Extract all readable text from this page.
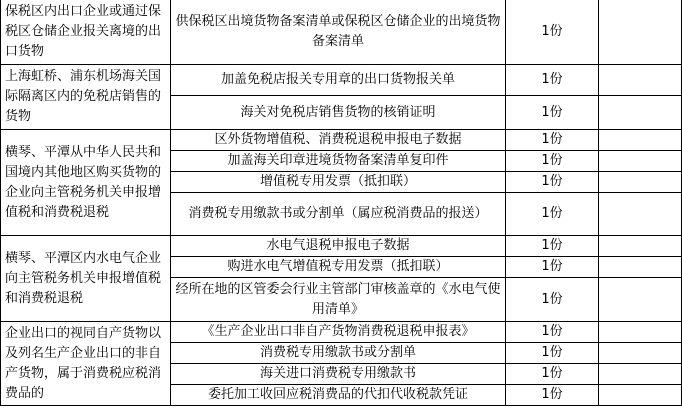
保税区内出口企业或通过保税区仓储企业报关离境的出口货物	供保税区出境货物备案清单或保税区仓储企业的出境货物备案清单	1份	
上海虹桥、浦东机场海关国际隔离区内的免税店销售的货物	加盖免税店报关专用章的出口货物报关单	1份	
	海关对免税店销售货物的核销证明	1份	
横琴、平潭从中华人民共和国境内其他地区购买货物的企业向主管税务机关申报增值税和消费税退税	区外货物增值税、消费税退税申报电子数据	1份	
	加盖海关印章进境货物备案清单复印件	1份	
	增值税专用发票（抵扣联）	1份	
	消费税专用缴款书或分割单（属应税消费品的报送）	1份	
横琴、平潭区内水电气企业向主管税务机关申报增值税和消费税退税	水电气退税申报电子数据	1份	
	购进水电气增值税专用发票（抵扣联）	1份	
	经所在地的区管委会行业主管部门审核盖章的《水电气使用清单》	1份	
企业出口的视同自产货物以及列名生产企业出口的非自产货物，属于消费税应税消费品的	《生产企业出口非自产货物消费税退税申报表》	1份	
	消费税专用缴款书或分割单	1份	
	海关进口消费税专用缴款书	1份	
	委托加工收回应税消费品的代扣代收税款凭证	1份	
